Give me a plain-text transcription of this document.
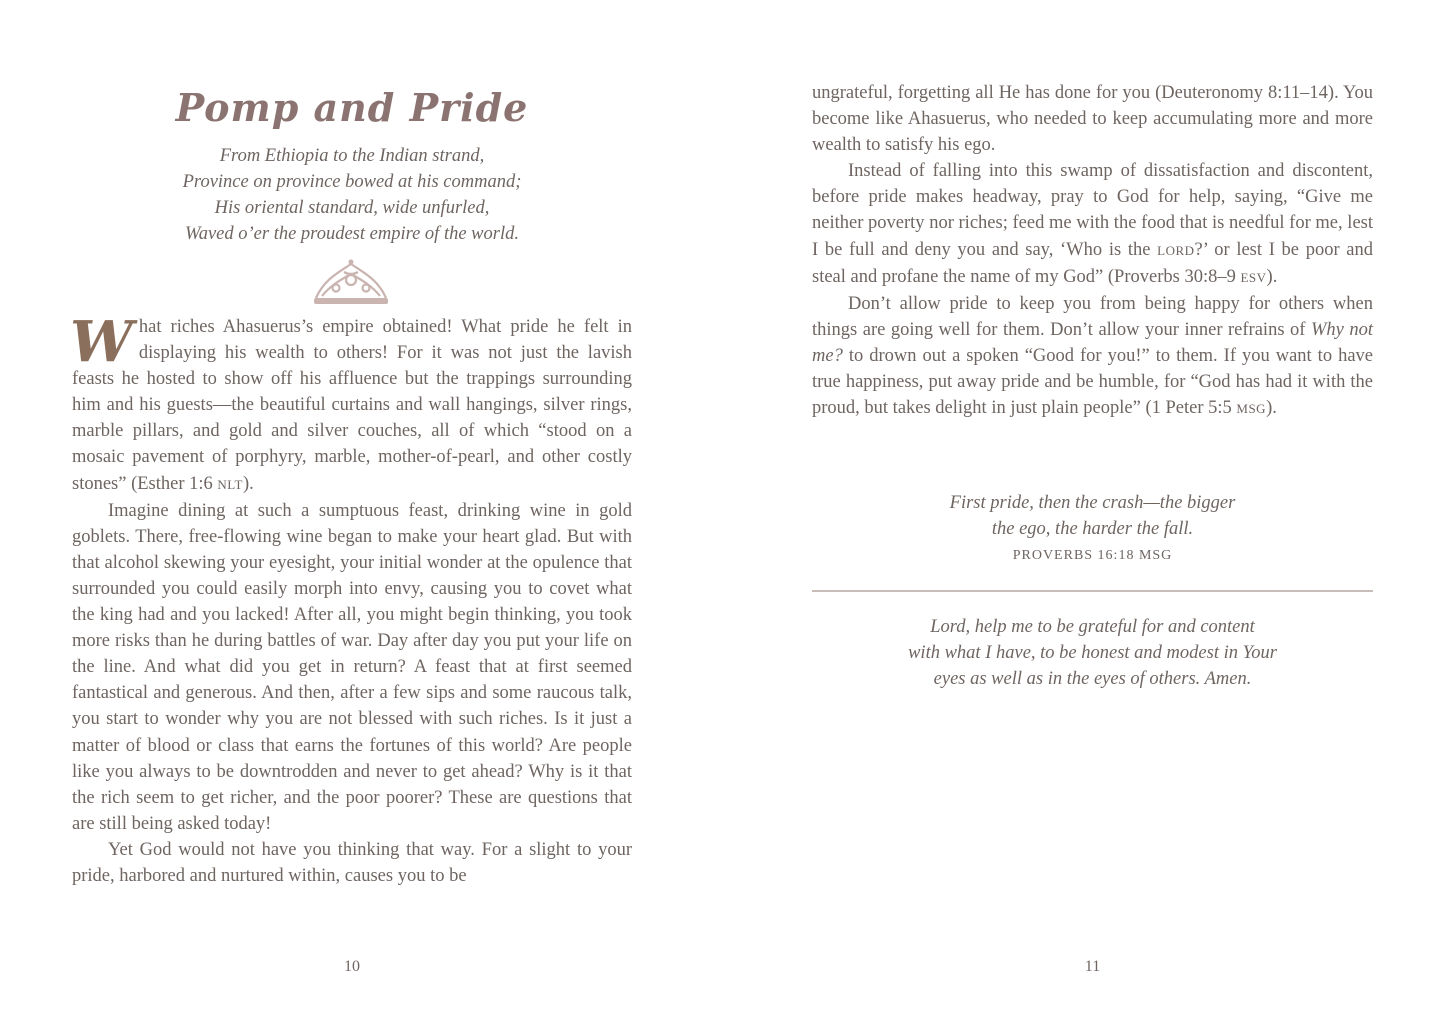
Pomp and Pride
From Ethiopia to the Indian strand,
Province on province bowed at his command;
His oriental standard, wide unfurled,
Waved o’er the proudest empire of the world.

What riches Ahasuerus’s empire obtained! What pride he felt in displaying his wealth to others! For it was not just the lavish feasts he hosted to show off his affluence but the trappings surrounding him and his guests—the beautiful curtains and wall hangings, silver rings, marble pillars, and gold and silver couches, all of which “stood on a mosaic pavement of porphyry, marble, mother-of-pearl, and other costly stones” (Esther 1:6 NLT).

Imagine dining at such a sumptuous feast, drinking wine in gold goblets. There, free-flowing wine began to make your heart glad. But with that alcohol skewing your eyesight, your initial wonder at the opulence that surrounded you could easily morph into envy, causing you to covet what the king had and you lacked! After all, you might begin thinking, you took more risks than he during battles of war. Day after day you put your life on the line. And what did you get in return? A feast that at first seemed fantastical and generous. And then, after a few sips and some raucous talk, you start to wonder why you are not blessed with such riches. Is it just a matter of blood or class that earns the fortunes of this world? Are people like you always to be downtrodden and never to get ahead? Why is it that the rich seem to get richer, and the poor poorer? These are questions that are still being asked today!

Yet God would not have you thinking that way. For a slight to your pride, harbored and nurtured within, causes you to be

10

ungrateful, forgetting all He has done for you (Deuteronomy 8:11–14). You become like Ahasuerus, who needed to keep accumulating more and more wealth to satisfy his ego.

Instead of falling into this swamp of dissatisfaction and discontent, before pride makes headway, pray to God for help, saying, “Give me neither poverty nor riches; feed me with the food that is needful for me, lest I be full and deny you and say, ‘Who is the LORD?’ or lest I be poor and steal and profane the name of my God” (Proverbs 30:8–9 ESV).

Don’t allow pride to keep you from being happy for others when things are going well for them. Don’t allow your inner refrains of Why not me? to drown out a spoken “Good for you!” to them. If you want to have true happiness, put away pride and be humble, for “God has had it with the proud, but takes delight in just plain people” (1 Peter 5:5 MSG).

First pride, then the crash—the bigger
the ego, the harder the fall.
PROVERBS 16:18 MSG
Lord, help me to be grateful for and content
with what I have, to be honest and modest in Your
eyes as well as in the eyes of others. Amen.
11
